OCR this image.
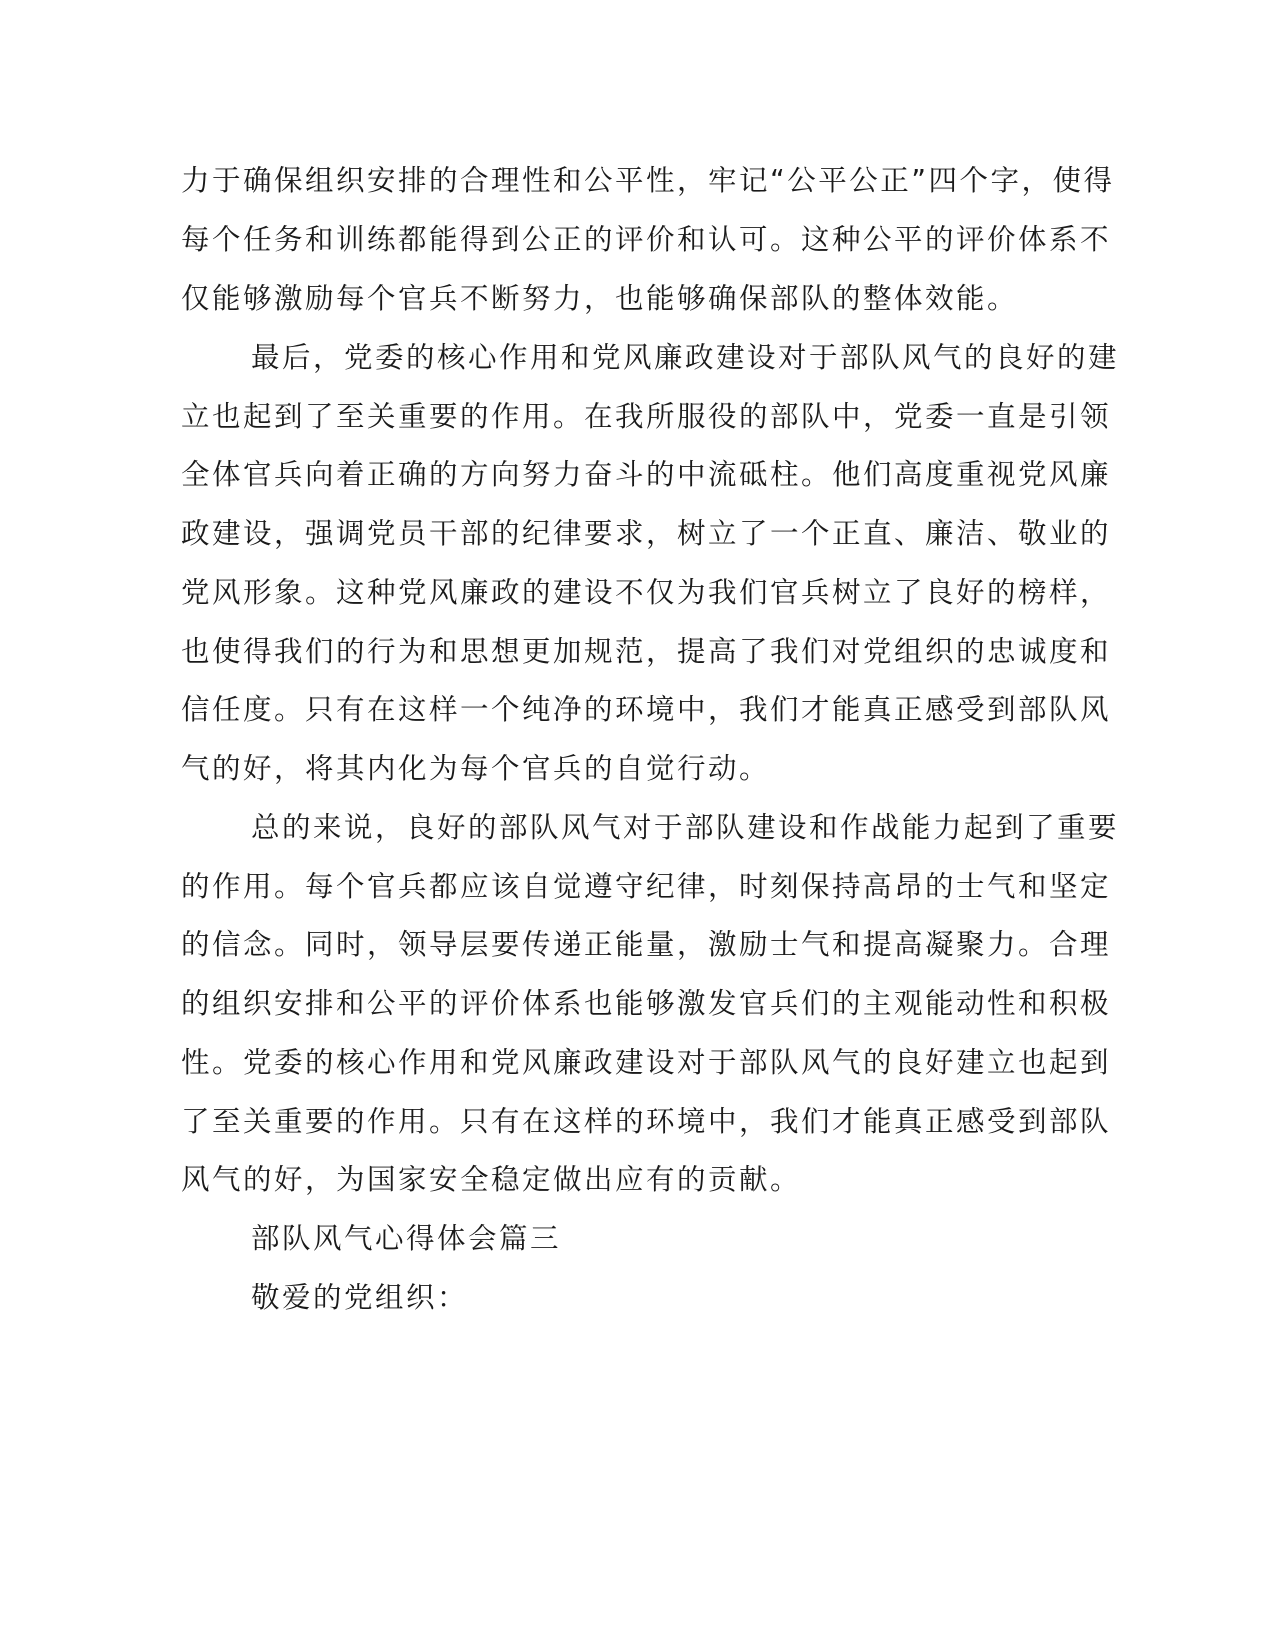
力于确保组织安排的合理性和公平性，牢记“公平公正”四个字，使得

每个任务和训练都能得到公正的评价和认可。这种公平的评价体系不

仅能够激励每个官兵不断努力，也能够确保部队的整体效能。

最后，党委的核心作用和党风廉政建设对于部队风气的良好的建

立也起到了至关重要的作用。在我所服役的部队中，党委一直是引领

全体官兵向着正确的方向努力奋斗的中流砥柱。他们高度重视党风廉

政建设，强调党员干部的纪律要求，树立了一个正直、廉洁、敬业的

党风形象。这种党风廉政的建设不仅为我们官兵树立了良好的榜样，

也使得我们的行为和思想更加规范，提高了我们对党组织的忠诚度和

信任度。只有在这样一个纯净的环境中，我们才能真正感受到部队风

气的好，将其内化为每个官兵的自觉行动。

总的来说，良好的部队风气对于部队建设和作战能力起到了重要

的作用。每个官兵都应该自觉遵守纪律，时刻保持高昂的士气和坚定

的信念。同时，领导层要传递正能量，激励士气和提高凝聚力。合理

的组织安排和公平的评价体系也能够激发官兵们的主观能动性和积极

性。党委的核心作用和党风廉政建设对于部队风气的良好建立也起到

了至关重要的作用。只有在这样的环境中，我们才能真正感受到部队

风气的好，为国家安全稳定做出应有的贡献。

部队风气心得体会篇三

敬爱的党组织：
